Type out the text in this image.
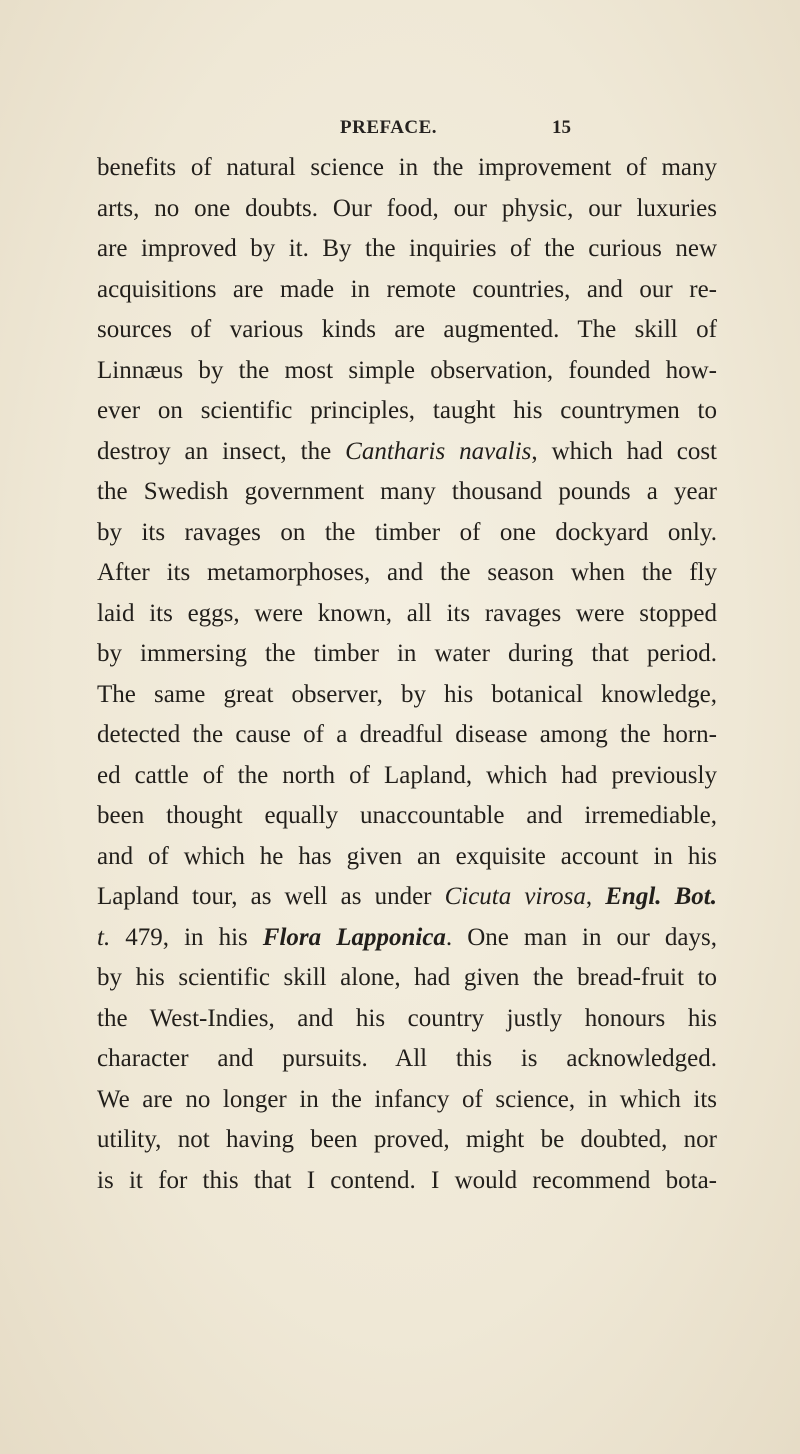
PREFACE.	15
benefits of natural science in the improvement of many
arts, no one doubts. Our food, our physic, our luxuries
are improved by it. By the inquiries of the curious new
acquisitions are made in remote countries, and our re-
sources of various kinds are augmented. The skill of
Linnæus by the most simple observation, founded how-
ever on scientific principles, taught his countrymen to
destroy an insect, the Cantharis navalis, which had cost
the Swedish government many thousand pounds a year
by its ravages on the timber of one dockyard only.
After its metamorphoses, and the season when the fly
laid its eggs, were known, all its ravages were stopped
by immersing the timber in water during that period.
The same great observer, by his botanical knowledge,
detected the cause of a dreadful disease among the horn-
ed cattle of the north of Lapland, which had previously
been thought equally unaccountable and irremediable,
and of which he has given an exquisite account in his
Lapland tour, as well as under Cicuta virosa, Engl. Bot.
t. 479, in his Flora Lapponica. One man in our days,
by his scientific skill alone, had given the bread-fruit to
the West-Indies, and his country justly honours his
character and pursuits. All this is acknowledged.
We are no longer in the infancy of science, in which its
utility, not having been proved, might be doubted, nor
is it for this that I contend. I would recommend bota-
